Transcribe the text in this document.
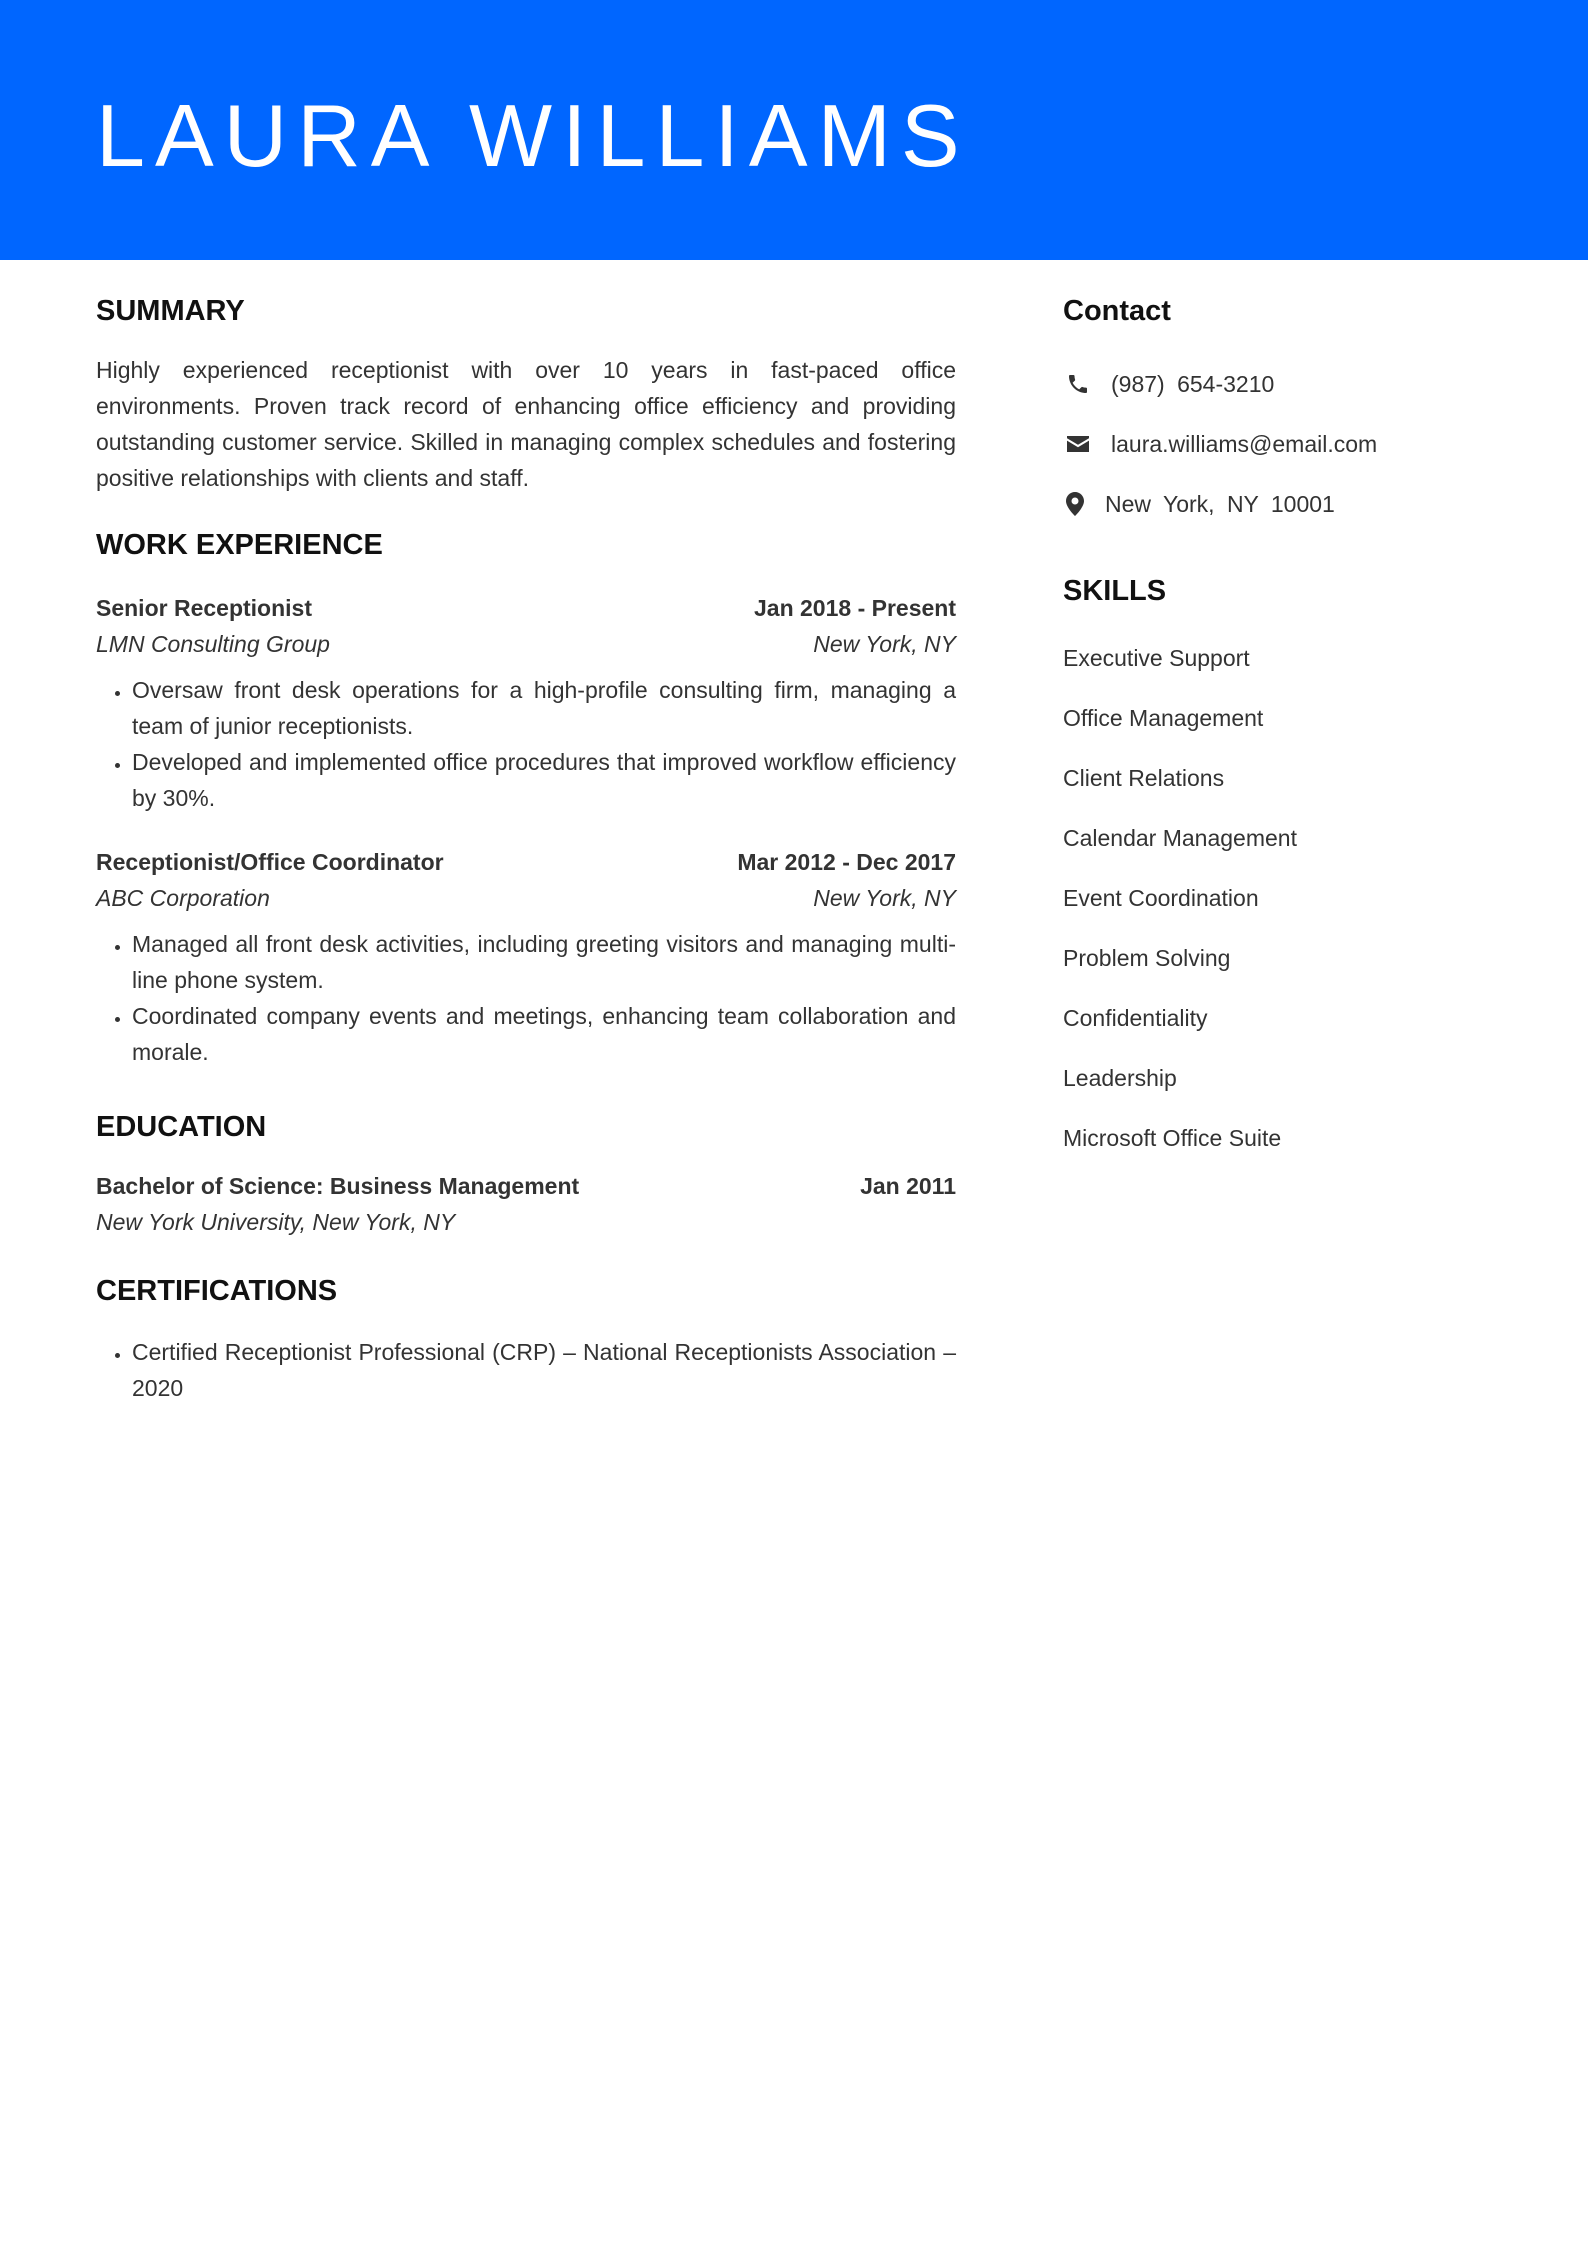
LAURA WILLIAMS
SUMMARY

Highly experienced receptionist with over 10 years in fast-paced office environments. Proven track record of enhancing office efficiency and providing outstanding customer service. Skilled in managing complex schedules and fostering positive relationships with clients and staff.

WORK EXPERIENCE
Senior Receptionist	Jan 2018 - Present
LMN Consulting Group	New York, NY
• Oversaw front desk operations for a high-profile consulting firm, managing a team of junior receptionists.
• Developed and implemented office procedures that improved workflow efficiency by 30%.
Receptionist/Office Coordinator	Mar 2012 - Dec 2017
ABC Corporation	New York, NY
• Managed all front desk activities, including greeting visitors and managing multi-line phone system.
• Coordinated company events and meetings, enhancing team collaboration and morale.
EDUCATION
Bachelor of Science: Business Management	Jan 2011
New York University, New York, NY
CERTIFICATIONS
• Certified Receptionist Professional (CRP) – National Receptionists Association – 2020
Contact
(987) 654-3210
laura.williams@email.com
New York, NY 10001
SKILLS
Executive Support
Office Management
Client Relations
Calendar Management
Event Coordination
Problem Solving
Confidentiality
Leadership
Microsoft Office Suite
